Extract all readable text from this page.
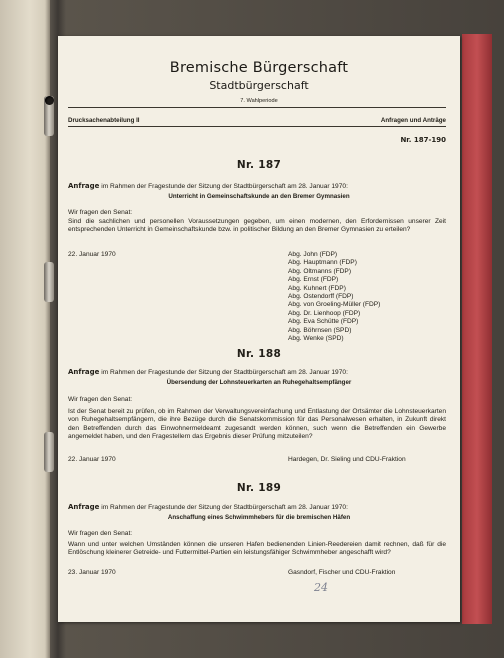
Bremische Bürgerschaft
Stadtbürgerschaft
7. Wahlperiode
Drucksachenabteilung II	Anfragen und Anträge
Nr. 187-190
Nr. 187
Anfrage im Rahmen der Fragestunde der Sitzung der Stadtbürgerschaft am 28. Januar 1970:
Unterricht in Gemeinschaftskunde an den Bremer Gymnasien
Wir fragen den Senat:
Sind die sachlichen und personellen Voraussetzungen gegeben, um einen modernen, den Erfordernissen unserer Zeit entsprechenden Unterricht in Gemeinschaftskunde bzw. in politischer Bildung an den Bremer Gymnasien zu erteilen?
22. Januar 1970	Abg. John (FDP)
Abg. Hauptmann (FDP)
Abg. Oltmanns (FDP)
Abg. Ernst (FDP)
Abg. Kuhnert (FDP)
Abg. Ostendorff (FDP)
Abg. von Groeling-Müller (FDP)
Abg. Dr. Lienhoop (FDP)
Abg. Eva Schütte (FDP)
Abg. Böhrnsen (SPD)
Abg. Wenke (SPD)
Nr. 188
Anfrage im Rahmen der Fragestunde der Sitzung der Stadtbürgerschaft am 28. Januar 1970:
Übersendung der Lohnsteuerkarten an Ruhegehaltsempfänger
Wir fragen den Senat:
Ist der Senat bereit zu prüfen, ob im Rahmen der Verwaltungsvereinfachung und Entlastung der Ortsämter die Lohnsteuerkarten von Ruhegehaltsempfängern, die ihre Bezüge durch die Senatskommission für das Personalwesen erhalten, in Zukunft direkt den Betreffenden durch das Einwohnermeldeamt zugesandt werden können, such wenn die Betreffenden ein Gewerbe angemeldet haben, und den Fragestellern das Ergebnis dieser Prüfung mitzuteilen?
22. Januar 1970	Hardegen, Dr. Sieling und CDU-Fraktion
Nr. 189
Anfrage im Rahmen der Fragestunde der Sitzung der Stadtbürgerschaft am 28. Januar 1970:
Anschaffung eines Schwimmhebers für die bremischen Häfen
Wir fragen den Senat:
Wann und unter welchen Umständen können die unseren Hafen bedienenden Linien-Reedereien damit rechnen, daß für die Entlöschung kleinerer Getreide- und Futtermittel-Partien ein leistungsfähiger Schwimmheber angeschafft wird?
23. Januar 1970	Gasndorf, Fischer und CDU-Fraktion
24
